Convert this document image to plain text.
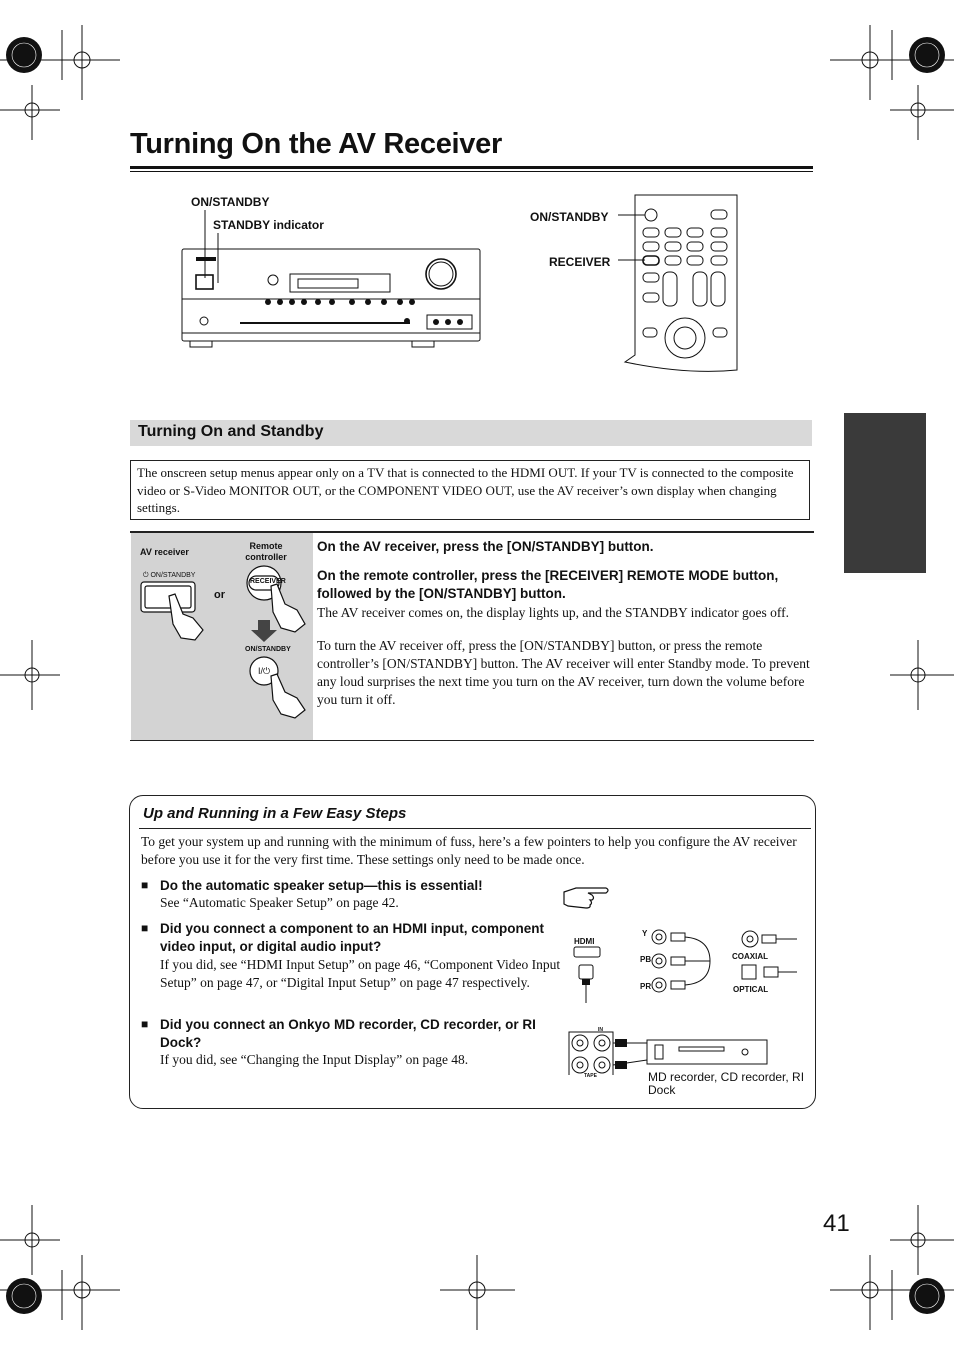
Turning On the AV Receiver
ON/STANDBY
STANDBY indicator
ON/STANDBY
RECEIVER
Turning On and Standby
The onscreen setup menus appear only on a TV that is connected to the HDMI OUT. If your TV is connected to the composite video or S-Video MONITOR OUT, or the COMPONENT VIDEO OUT, use the AV receiver’s own display when changing settings.
AV receiver
Remote
controller
⏻ ON/STANDBY
or
ON/STANDBY
RECEIVER
I/⏻
On the AV receiver, press the [ON/STANDBY] button.
On the remote controller, press the [RECEIVER] REMOTE MODE button, followed by the [ON/STANDBY] button.
The AV receiver comes on, the display lights up, and the STANDBY indicator goes off.
To turn the AV receiver off, press the [ON/STANDBY] button, or press the remote controller’s [ON/STANDBY] button. The AV receiver will enter Standby mode. To prevent any loud surprises the next time you turn on the AV receiver, turn down the volume before you turn it off.
Up and Running in a Few Easy Steps
To get your system up and running with the minimum of fuss, here’s a few pointers to help you configure the AV receiver before you use it for the very first time. These settings only need to be made once.
■ Do the automatic speaker setup—this is essential!
See “Automatic Speaker Setup” on page 42.
■ Did you connect a component to an HDMI input, component video input, or digital audio input?
If you did, see “HDMI Input Setup” on page 46, “Component Video Input Setup” on page 47, or “Digital Input Setup” on page 47 respectively.
■ Did you connect an Onkyo MD recorder, CD recorder, or RI Dock?
If you did, see “Changing the Input Display” on page 48.
HDMI
Y
PB
PR
COAXIAL
OPTICAL
TAPE
IN
MD recorder, CD recorder, RI Dock
41
